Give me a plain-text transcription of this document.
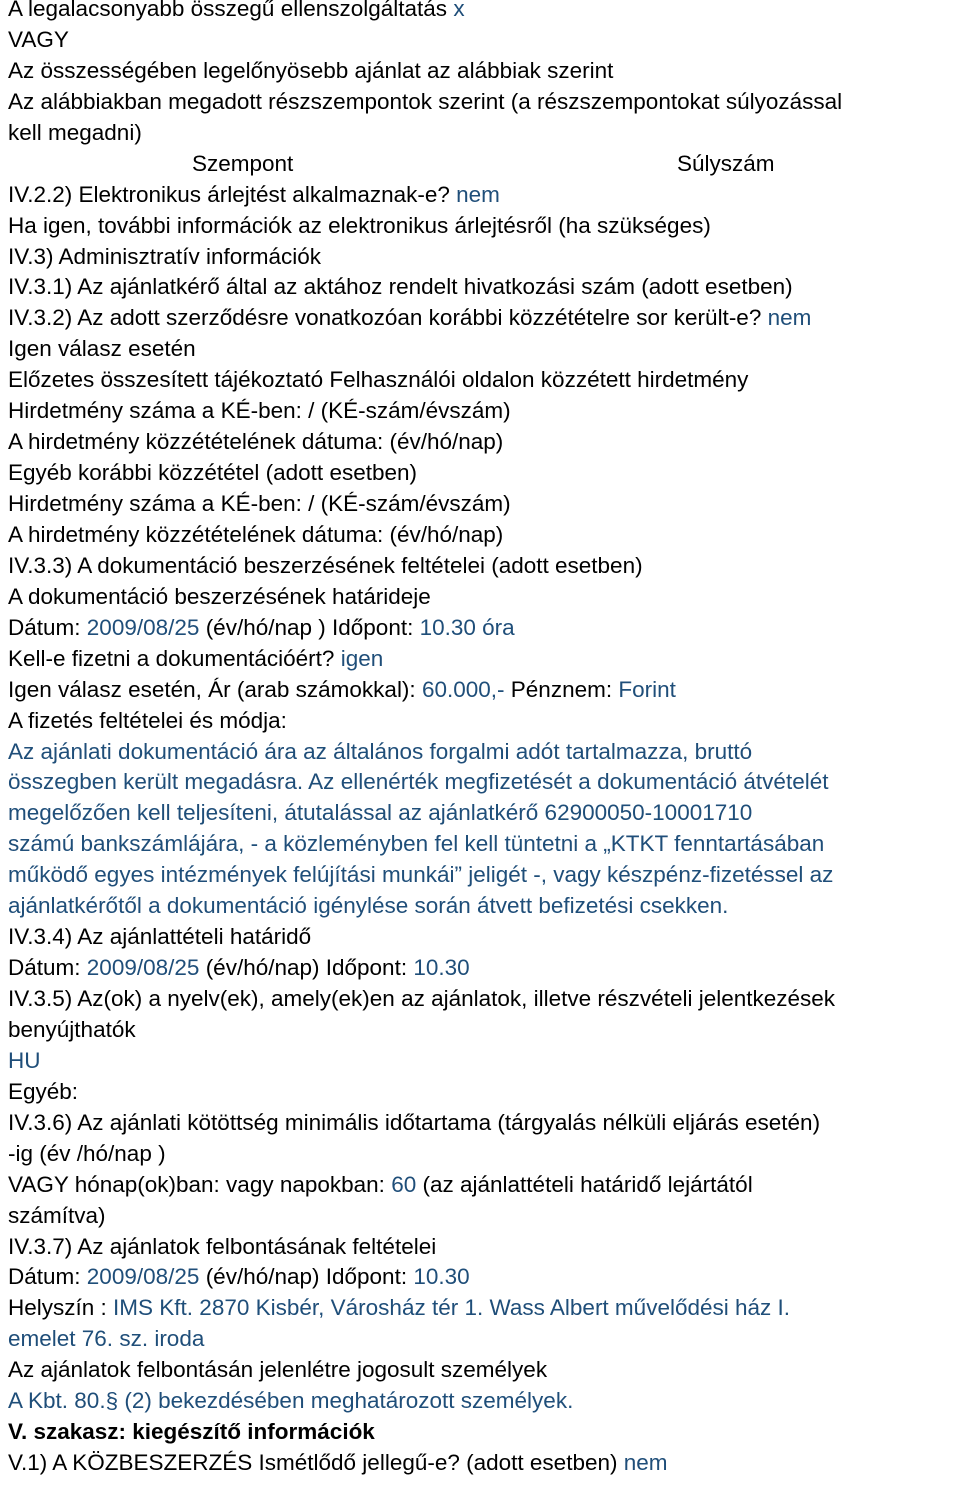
A legalacsonyabb összegű ellenszolgáltatás x
VAGY
Az összességében legelőnyösebb ajánlat az alábbiak szerint
Az alábbiakban megadott részszempontok szerint (a részszempontokat súlyozással
kell megadni)
Szempont	Súlyszám
IV.2.2) Elektronikus árlejtést alkalmaznak-e? nem
Ha igen, további információk az elektronikus árlejtésről (ha szükséges)
IV.3) Adminisztratív információk
IV.3.1) Az ajánlatkérő által az aktához rendelt hivatkozási szám (adott esetben)
IV.3.2) Az adott szerződésre vonatkozóan korábbi közzétételre sor került-e? nem
Igen válasz esetén
Előzetes összesített tájékoztató Felhasználói oldalon közzétett hirdetmény
Hirdetmény száma a KÉ-ben: / (KÉ-szám/évszám)
A hirdetmény közzétételének dátuma: (év/hó/nap)
Egyéb korábbi közzététel (adott esetben)
Hirdetmény száma a KÉ-ben: / (KÉ-szám/évszám)
A hirdetmény közzétételének dátuma: (év/hó/nap)
IV.3.3) A dokumentáció beszerzésének feltételei (adott esetben)
A dokumentáció beszerzésének határideje
Dátum: 2009/08/25 (év/hó/nap ) Időpont: 10.30 óra
Kell-e fizetni a dokumentációért? igen
Igen válasz esetén, Ár (arab számokkal): 60.000,- Pénznem: Forint
A fizetés feltételei és módja:
Az ajánlati dokumentáció ára az általános forgalmi adót tartalmazza, bruttó
összegben került megadásra. Az ellenérték megfizetését a dokumentáció átvételét
megelőzően kell teljesíteni, átutalással az ajánlatkérő 62900050-10001710
számú bankszámlájára, - a közleményben fel kell tüntetni a „KTKT fenntartásában
működő egyes intézmények felújítási munkái” jeligét -, vagy készpénz-fizetéssel az
ajánlatkérőtől a dokumentáció igénylése során átvett befizetési csekken.
IV.3.4) Az ajánlattételi határidő
Dátum: 2009/08/25 (év/hó/nap) Időpont: 10.30
IV.3.5) Az(ok) a nyelv(ek), amely(ek)en az ajánlatok, illetve részvételi jelentkezések
benyújthatók
HU
Egyéb:
IV.3.6) Az ajánlati kötöttség minimális időtartama (tárgyalás nélküli eljárás esetén)
-ig (év /hó/nap )
VAGY hónap(ok)ban: vagy napokban: 60 (az ajánlattételi határidő lejártától
számítva)
IV.3.7) Az ajánlatok felbontásának feltételei
Dátum: 2009/08/25 (év/hó/nap) Időpont: 10.30
Helyszín : IMS Kft. 2870 Kisbér, Városház tér 1. Wass Albert művelődési ház I.
emelet 76. sz. iroda
Az ajánlatok felbontásán jelenlétre jogosult személyek
A Kbt. 80.§ (2) bekezdésében meghatározott személyek.
V. szakasz: kiegészítő információk
V.1) A KÖZBESZERZÉS Ismétlődő jellegű-e? (adott esetben) nem
